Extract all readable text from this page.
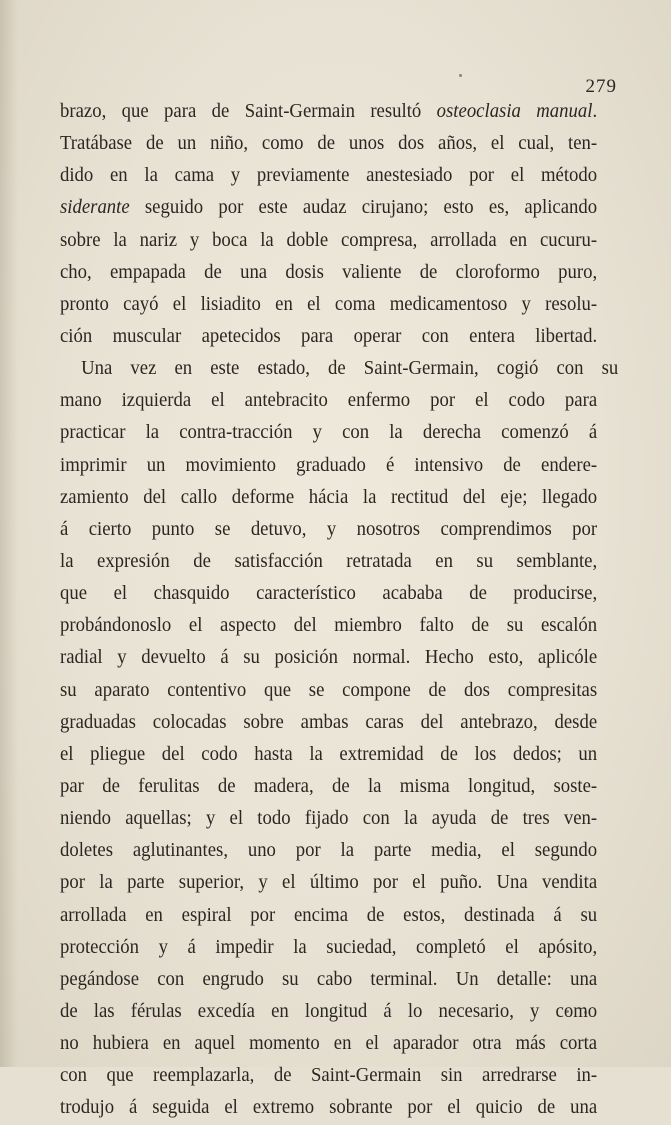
279
brazo, que para de Saint-Germain resultó osteoclasia manual.
Tratábase de un niño, como de unos dos años, el cual, ten-
dido en la cama y previamente anestesiado por el método
siderante seguido por este audaz cirujano; esto es, aplicando
sobre la nariz y boca la doble compresa, arrollada en cucuru-
cho, empapada de una dosis valiente de cloroformo puro,
pronto cayó el lisiadito en el coma medicamentoso y resolu-
ción muscular apetecidos para operar con entera libertad.
Una vez en este estado, de Saint-Germain, cogió con su
mano izquierda el antebracito enfermo por el codo para
practicar la contra-tracción y con la derecha comenzó á
imprimir un movimiento graduado é intensivo de endere-
zamiento del callo deforme hácia la rectitud del eje; llegado
á cierto punto se detuvo, y nosotros comprendimos por
la expresión de satisfacción retratada en su semblante,
que el chasquido característico acababa de producirse,
probándonoslo el aspecto del miembro falto de su escalón
radial y devuelto á su posición normal. Hecho esto, aplicóle
su aparato contentivo que se compone de dos compresitas
graduadas colocadas sobre ambas caras del antebrazo, desde
el pliegue del codo hasta la extremidad de los dedos; un
par de ferulitas de madera, de la misma longitud, soste-
niendo aquellas; y el todo fijado con la ayuda de tres ven-
doletes aglutinantes, uno por la parte media, el segundo
por la parte superior, y el último por el puño. Una vendita
arrollada en espiral por encima de estos, destinada á su
protección y á impedir la suciedad, completó el apósito,
pegándose con engrudo su cabo terminal. Un detalle: una
de las férulas excedía en longitud á lo necesario, y como
no hubiera en aquel momento en el aparador otra más corta
con que reemplazarla, de Saint-Germain sin arredrarse in-
trodujo á seguida el extremo sobrante por el quicio de una
